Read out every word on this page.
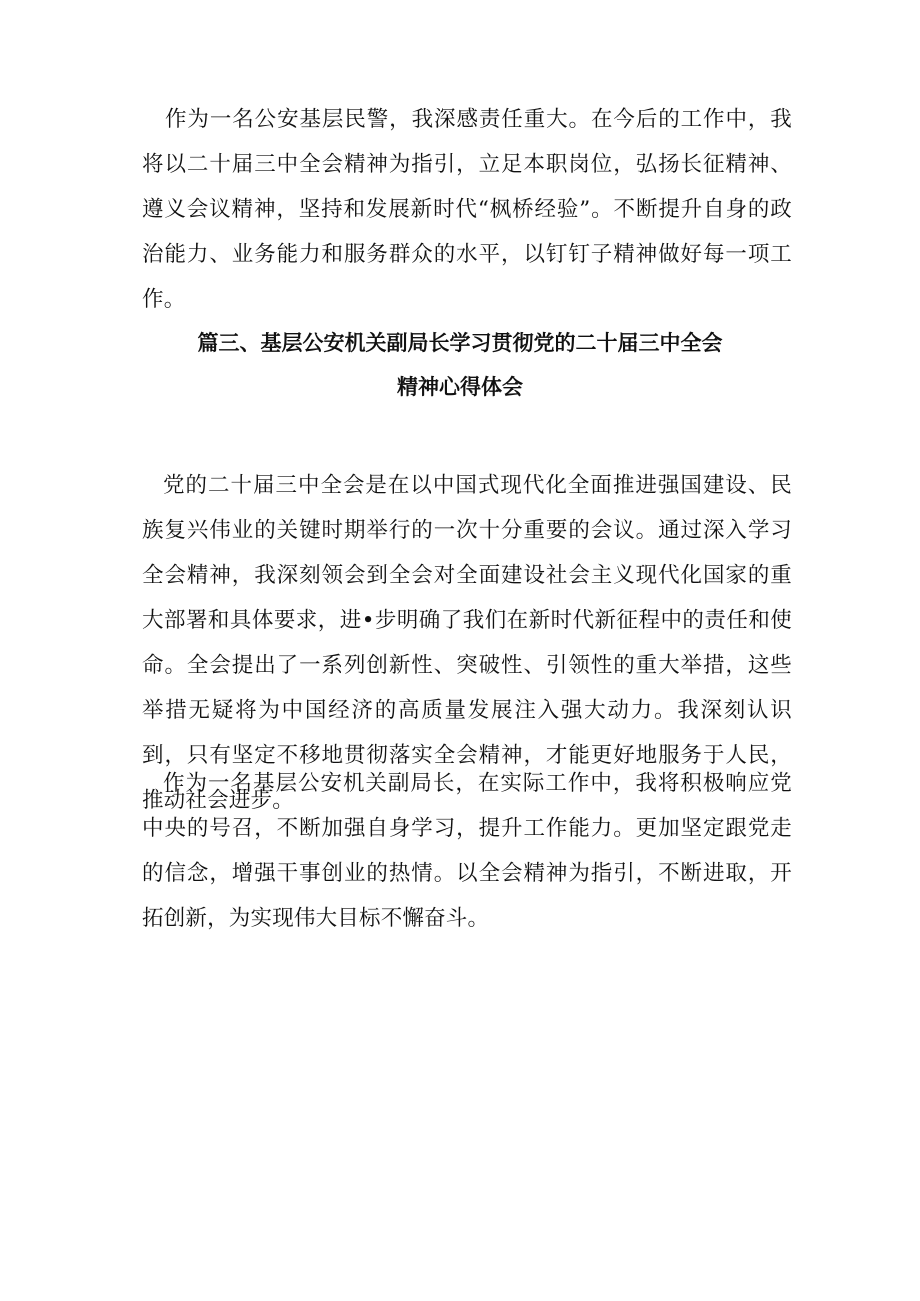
作为一名公安基层民警，我深感责任重大。在今后的工作中，我将以二十届三中全会精神为指引，立足本职岗位，弘扬长征精神、遵义会议精神，坚持和发展新时代“枫桥经验”。不断提升自身的政治能力、业务能力和服务群众的水平，以钉钉子精神做好每一项工作。

篇三、基层公安机关副局长学习贯彻党的二十届三中全会
精神心得体会

党的二十届三中全会是在以中国式现代化全面推进强国建设、民族复兴伟业的关键时期举行的一次十分重要的会议。通过深入学习全会精神，我深刻领会到全会对全面建设社会主义现代化国家的重大部署和具体要求，进•步明确了我们在新时代新征程中的责任和使命。全会提出了一系列创新性、突破性、引领性的重大举措，这些举措无疑将为中国经济的高质量发展注入强大动力。我深刻认识到，只有坚定不移地贯彻落实全会精神，才能更好地服务于人民，推动社会进步。

作为一名基层公安机关副局长，在实际工作中，我将积极响应党中央的号召，不断加强自身学习，提升工作能力。更加坚定跟党走的信念，增强干事创业的热情。以全会精神为指引，不断进取，开拓创新，为实现伟大目标不懈奋斗。
